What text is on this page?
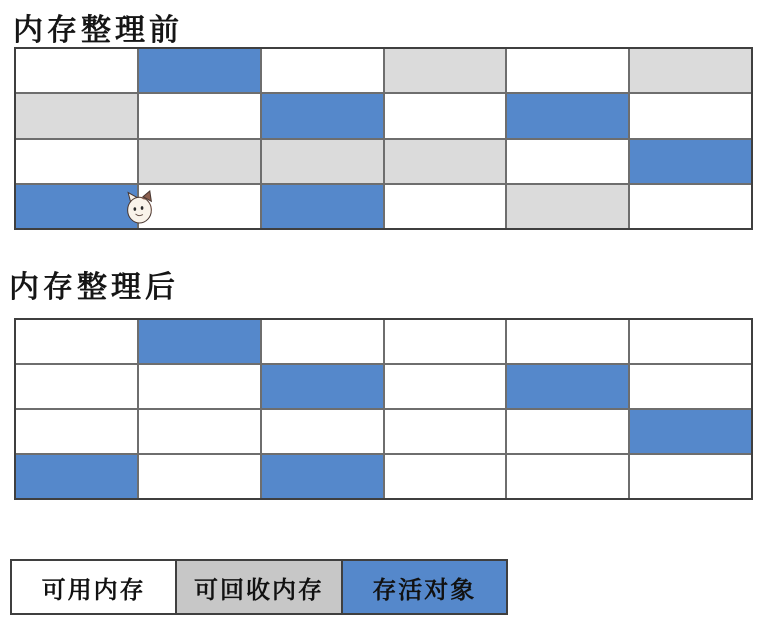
内存整理前
内存整理后
可用内存 可回收内存 存活对象
